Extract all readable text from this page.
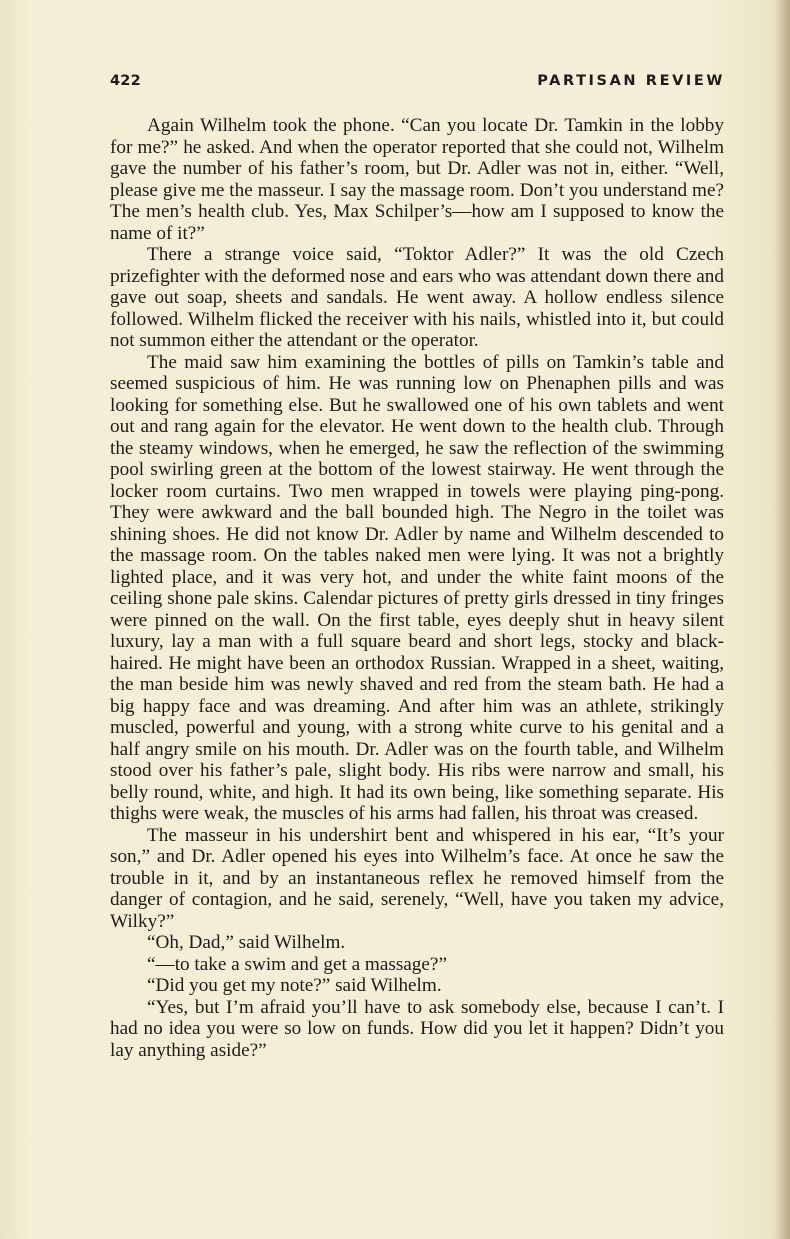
422	PARTISAN REVIEW

Again Wilhelm took the phone. “Can you locate Dr. Tamkin in the lobby for me?” he asked. And when the operator reported that she could not, Wilhelm gave the number of his father’s room, but Dr. Adler was not in, either. “Well, please give me the masseur. I say the massage room. Don’t you understand me? The men’s health club. Yes, Max Schilper’s—how am I supposed to know the name of it?”

There a strange voice said, “Toktor Adler?” It was the old Czech prizefighter with the deformed nose and ears who was attendant down there and gave out soap, sheets and sandals. He went away. A hollow endless silence followed. Wilhelm flicked the receiver with his nails, whistled into it, but could not summon either the attendant or the operator.

The maid saw him examining the bottles of pills on Tamkin’s table and seemed suspicious of him. He was running low on Phenaphen pills and was looking for something else. But he swallowed one of his own tablets and went out and rang again for the elevator. He went down to the health club. Through the steamy windows, when he emerged, he saw the reflection of the swimming pool swirling green at the bottom of the lowest stairway. He went through the locker room curtains. Two men wrapped in towels were playing ping-pong. They were awkward and the ball bounded high. The Negro in the toilet was shining shoes. He did not know Dr. Adler by name and Wilhelm descended to the massage room. On the tables naked men were lying. It was not a brightly lighted place, and it was very hot, and under the white faint moons of the ceiling shone pale skins. Calendar pictures of pretty girls dressed in tiny fringes were pinned on the wall. On the first table, eyes deeply shut in heavy silent luxury, lay a man with a full square beard and short legs, stocky and black-haired. He might have been an orthodox Russian. Wrapped in a sheet, waiting, the man beside him was newly shaved and red from the steam bath. He had a big happy face and was dreaming. And after him was an athlete, strikingly muscled, powerful and young, with a strong white curve to his genital and a half angry smile on his mouth. Dr. Adler was on the fourth table, and Wilhelm stood over his father’s pale, slight body. His ribs were narrow and small, his belly round, white, and high. It had its own being, like something separate. His thighs were weak, the muscles of his arms had fallen, his throat was creased.

The masseur in his undershirt bent and whispered in his ear, “It’s your son,” and Dr. Adler opened his eyes into Wilhelm’s face. At once he saw the trouble in it, and by an instantaneous reflex he removed himself from the danger of contagion, and he said, serenely, “Well, have you taken my advice, Wilky?”

“Oh, Dad,” said Wilhelm.

“—to take a swim and get a massage?”

“Did you get my note?” said Wilhelm.

“Yes, but I’m afraid you’ll have to ask somebody else, because I can’t. I had no idea you were so low on funds. How did you let it happen? Didn’t you lay anything aside?”
